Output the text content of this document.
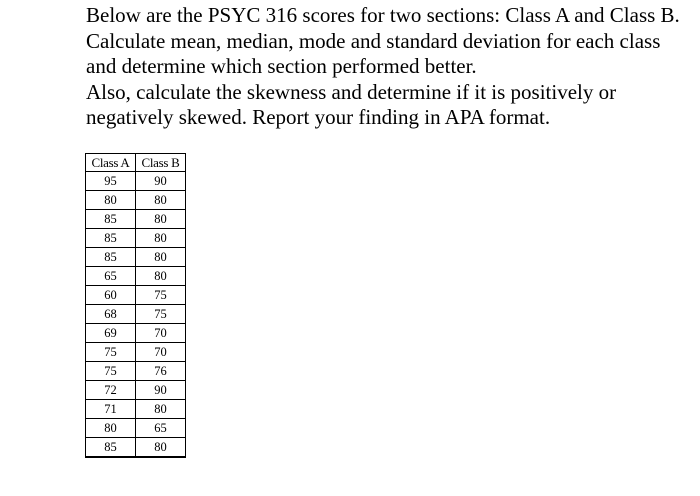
Below are the PSYC 316 scores for two sections: Class A and Class B.

Calculate mean, median, mode and standard deviation for each class and determine which section performed better.

Also, calculate the skewness and determine if it is positively or negatively skewed. Report your finding in APA format.

Class A	Class B
95	90
80	80
85	80
85	80
85	80
65	80
60	75
68	75
69	70
75	70
75	76
72	90
71	80
80	65
85	80
